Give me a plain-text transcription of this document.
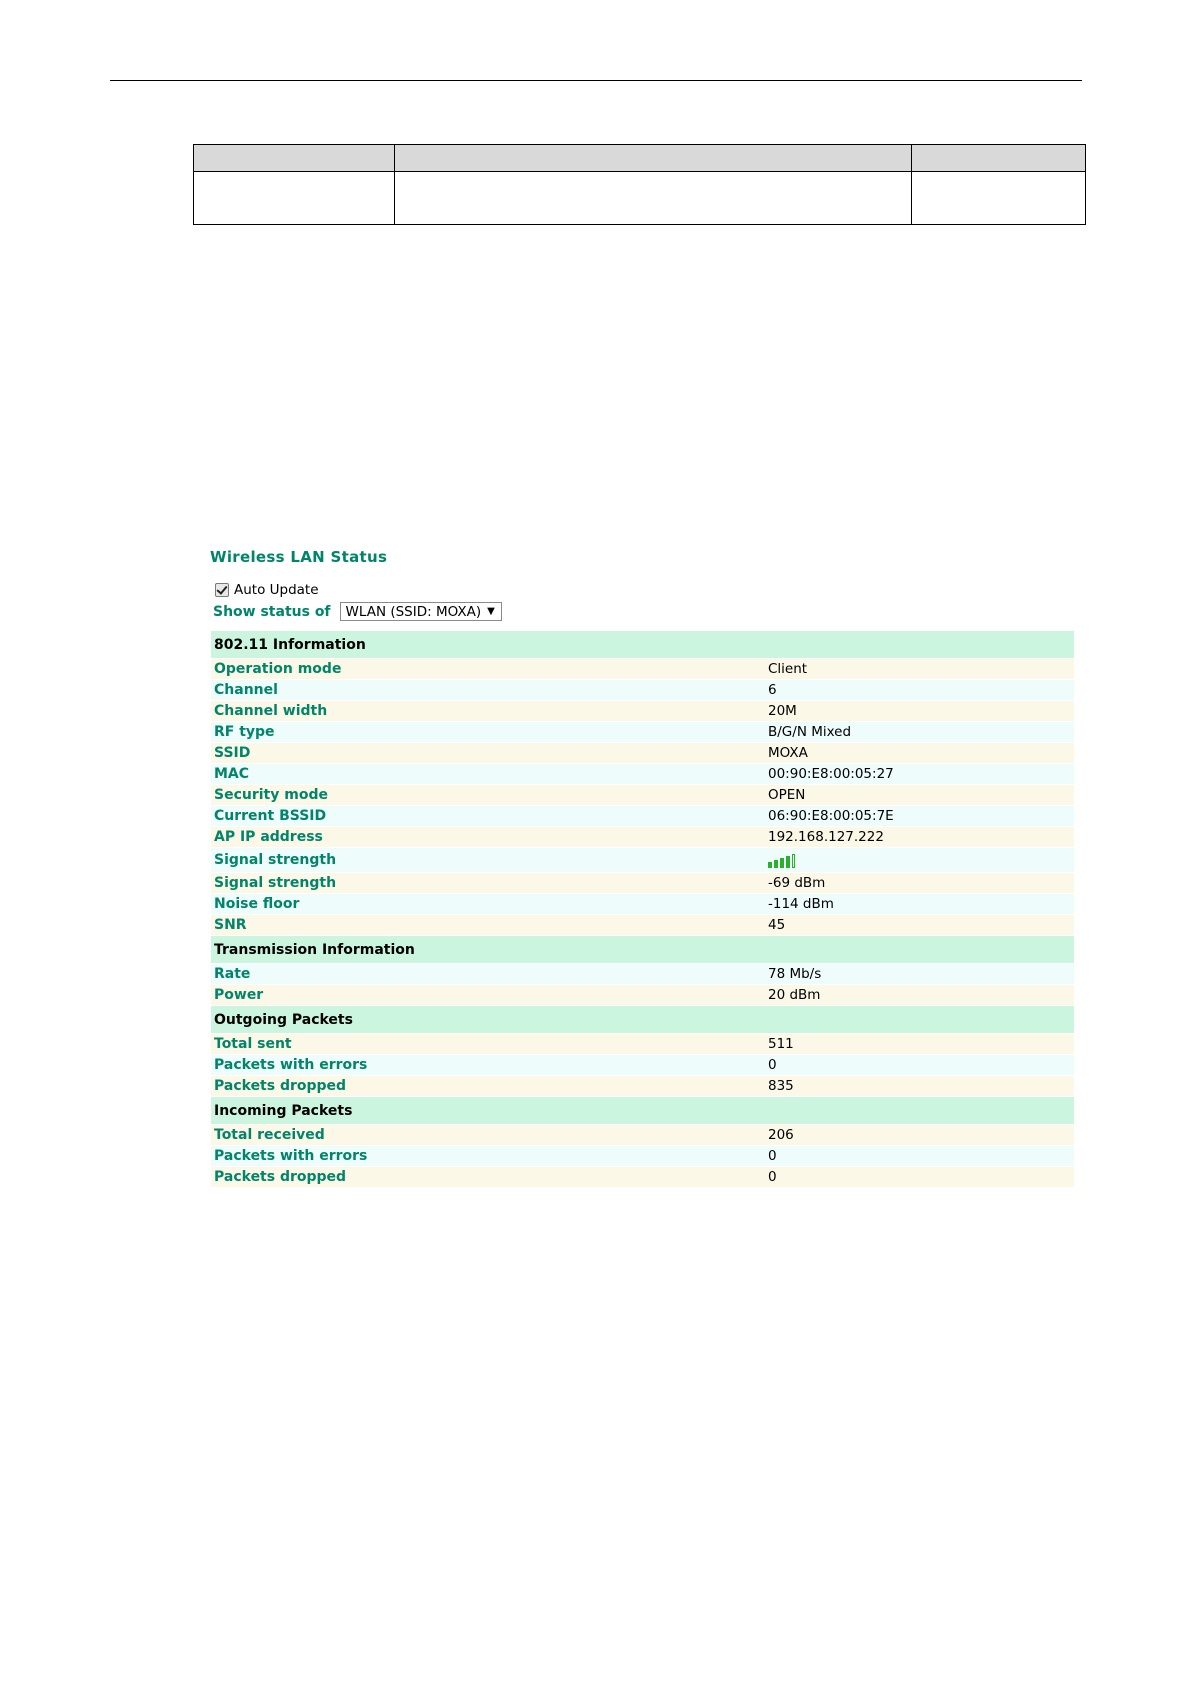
Wireless LAN Status
Auto Update
Show status of WLAN (SSID: MOXA) ▼
802.11 Information
Operation mode	Client
Channel	6
Channel width	20M
RF type	B/G/N Mixed
SSID	MOXA
MAC	00:90:E8:00:05:27
Security mode	OPEN
Current BSSID	06:90:E8:00:05:7E
AP IP address	192.168.127.222
Signal strength
Signal strength	-69 dBm
Noise floor	-114 dBm
SNR	45
Transmission Information
Rate	78 Mb/s
Power	20 dBm
Outgoing Packets
Total sent	511
Packets with errors	0
Packets dropped	835
Incoming Packets
Total received	206
Packets with errors	0
Packets dropped	0
